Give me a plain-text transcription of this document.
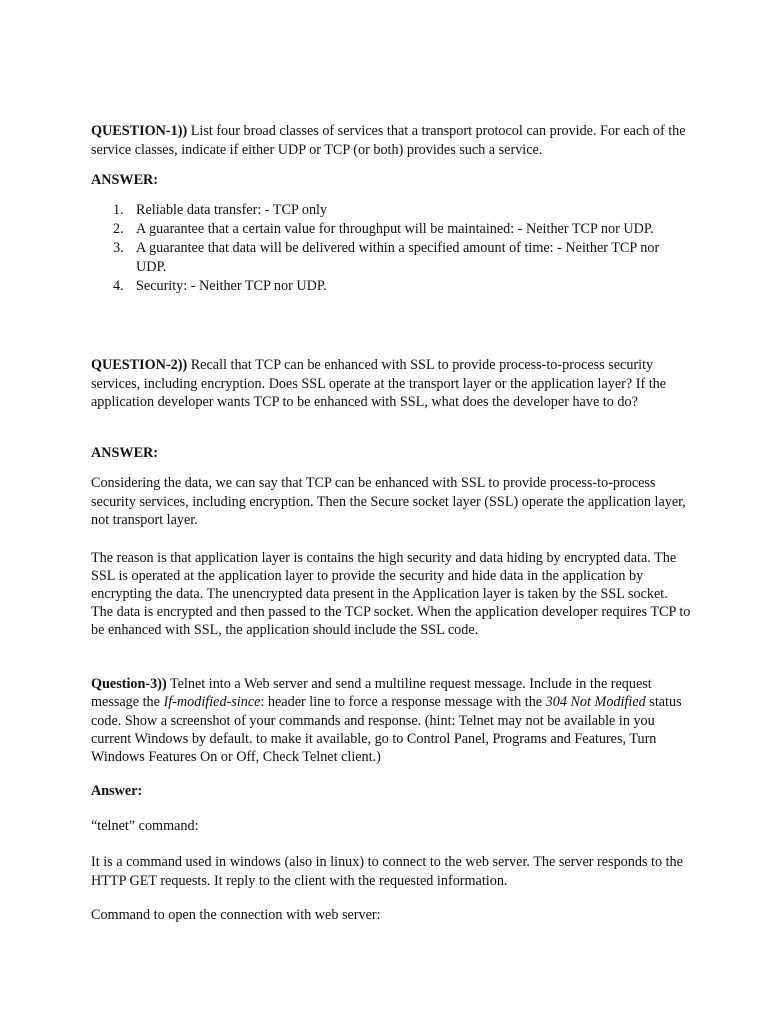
QUESTION-1)) List four broad classes of services that a transport protocol can provide. For each of the service classes, indicate if either UDP or TCP (or both) provides such a service.

ANSWER:

1. Reliable data transfer: - TCP only
2. A guarantee that a certain value for throughput will be maintained: - Neither TCP nor UDP.
3. A guarantee that data will be delivered within a specified amount of time: - Neither TCP nor UDP.
4. Security: - Neither TCP nor UDP.

QUESTION-2)) Recall that TCP can be enhanced with SSL to provide process-to-process security services, including encryption. Does SSL operate at the transport layer or the application layer? If the application developer wants TCP to be enhanced with SSL, what does the developer have to do?

ANSWER:

Considering the data, we can say that TCP can be enhanced with SSL to provide process-to-process security services, including encryption. Then the Secure socket layer (SSL) operate the application layer, not transport layer.

The reason is that application layer is contains the high security and data hiding by encrypted data. The SSL is operated at the application layer to provide the security and hide data in the application by encrypting the data. The unencrypted data present in the Application layer is taken by the SSL socket. The data is encrypted and then passed to the TCP socket. When the application developer requires TCP to be enhanced with SSL, the application should include the SSL code.

Question-3)) Telnet into a Web server and send a multiline request message. Include in the request message the If-modified-since: header line to force a response message with the 304 Not Modified status code. Show a screenshot of your commands and response. (hint: Telnet may not be available in you current Windows by default. to make it available, go to Control Panel, Programs and Features, Turn Windows Features On or Off, Check Telnet client.)

Answer:

“telnet” command:

It is a command used in windows (also in linux) to connect to the web server. The server responds to the HTTP GET requests. It reply to the client with the requested information.

Command to open the connection with web server:
